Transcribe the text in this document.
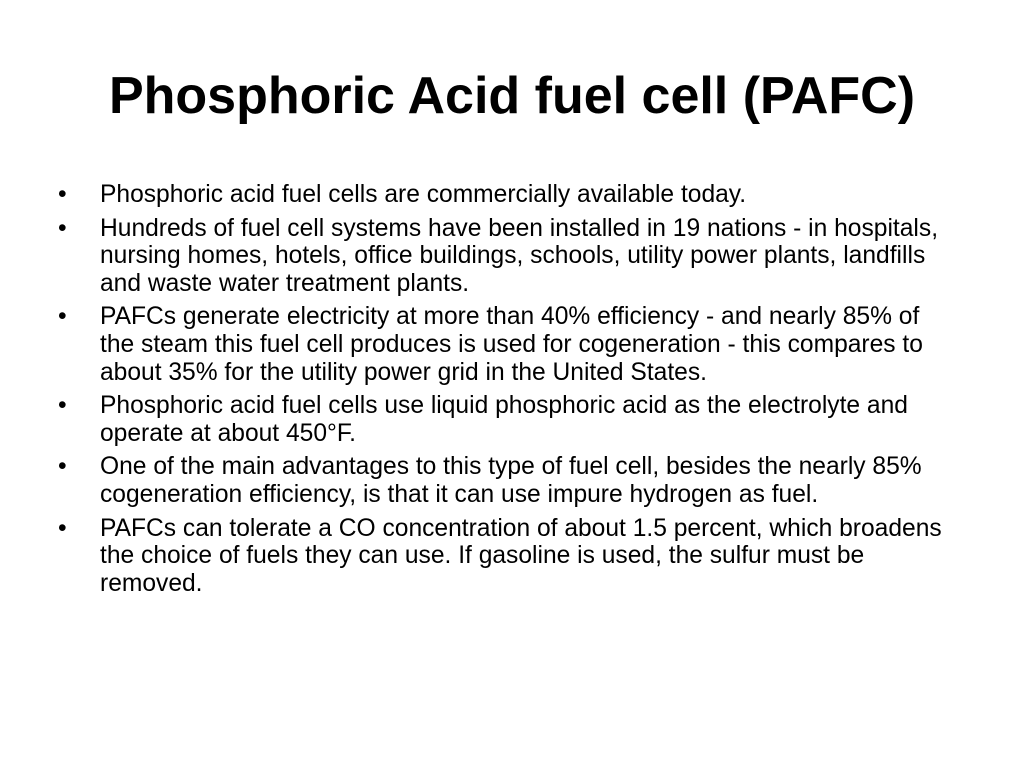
Phosphoric Acid fuel cell (PAFC)
•	Phosphoric acid fuel cells are commercially available today.
•	Hundreds of fuel cell systems have been installed in 19 nations - in hospitals, nursing homes, hotels, office buildings, schools, utility power plants, landfills and waste water treatment plants.
•	PAFCs generate electricity at more than 40% efficiency - and nearly 85% of the steam this fuel cell produces is used for cogeneration - this compares to about 35% for the utility power grid in the United States.
•	Phosphoric acid fuel cells use liquid phosphoric acid as the electrolyte and operate at about 450°F.
•	One of the main advantages to this type of fuel cell, besides the nearly 85% cogeneration efficiency, is that it can use impure hydrogen as fuel.
•	PAFCs can tolerate a CO concentration of about 1.5 percent, which broadens the choice of fuels they can use. If gasoline is used, the sulfur must be removed.
